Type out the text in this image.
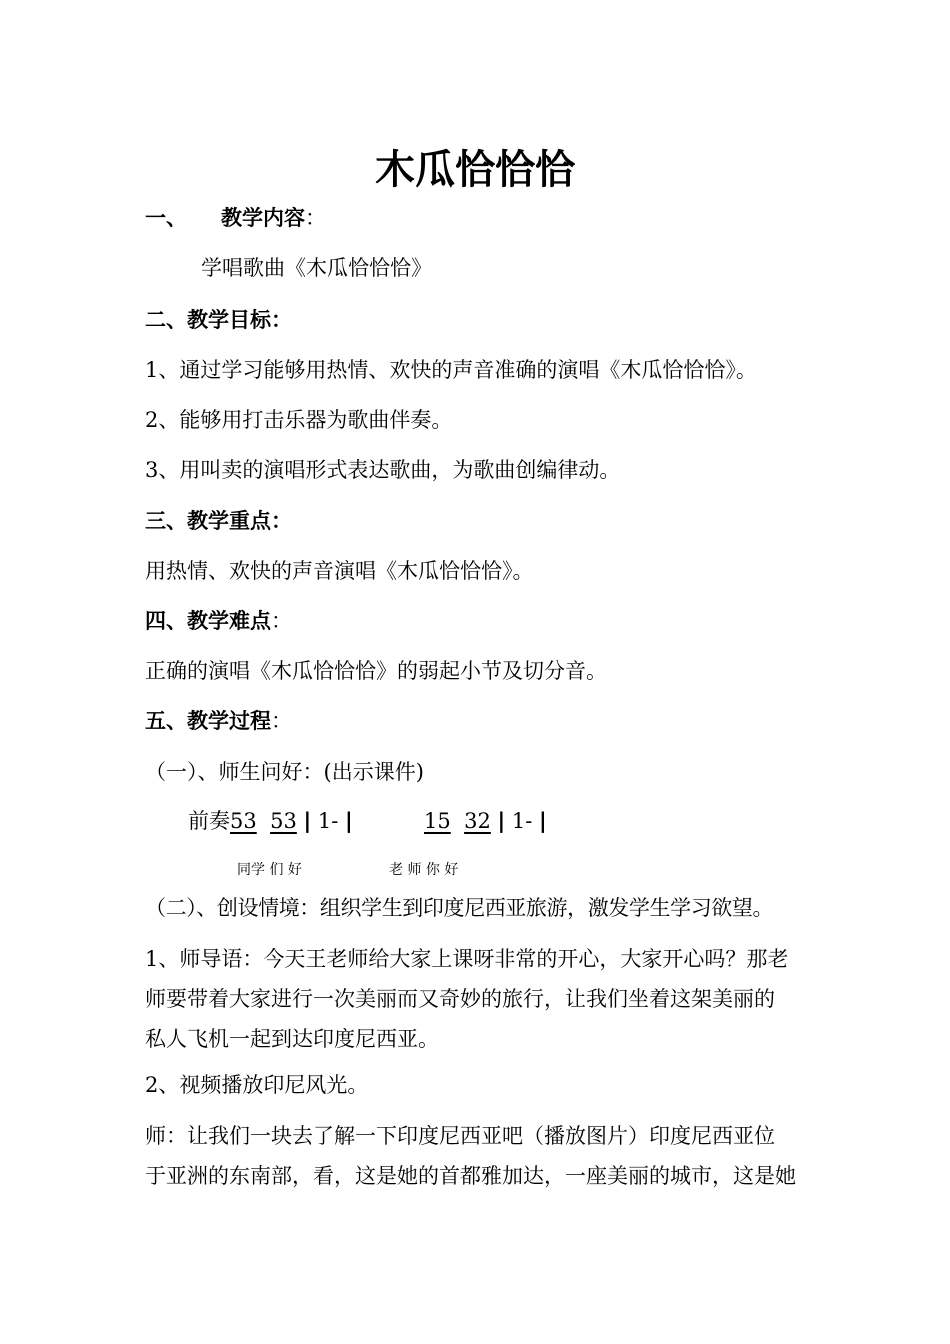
木瓜恰恰恰
一、 教学内容：
学唱歌曲《木瓜恰恰恰》
二、教学目标：
1、通过学习能够用热情、欢快的声音准确的演唱《木瓜恰恰恰》。
2、能够用打击乐器为歌曲伴奏。
3、用叫卖的演唱形式表达歌曲，为歌曲创编律动。
三、教学重点：
用热情、欢快的声音演唱《木瓜恰恰恰》。
四、教学难点：
正确的演唱《木瓜恰恰恰》的弱起小节及切分音。
五、教学过程：
（一）、师生问好：(出示课件)
前奏53 53 | 1- |	15 32 | 1- |
同学 们 好	老 师 你 好
（二）、创设情境：组织学生到印度尼西亚旅游，激发学生学习欲望。
1、师导语：今天王老师给大家上课呀非常的开心，大家开心吗？那老
师要带着大家进行一次美丽而又奇妙的旅行，让我们坐着这架美丽的
私人飞机一起到达印度尼西亚。
2、视频播放印尼风光。
师：让我们一块去了解一下印度尼西亚吧（播放图片）印度尼西亚位
于亚洲的东南部，看，这是她的首都雅加达，一座美丽的城市，这是她
